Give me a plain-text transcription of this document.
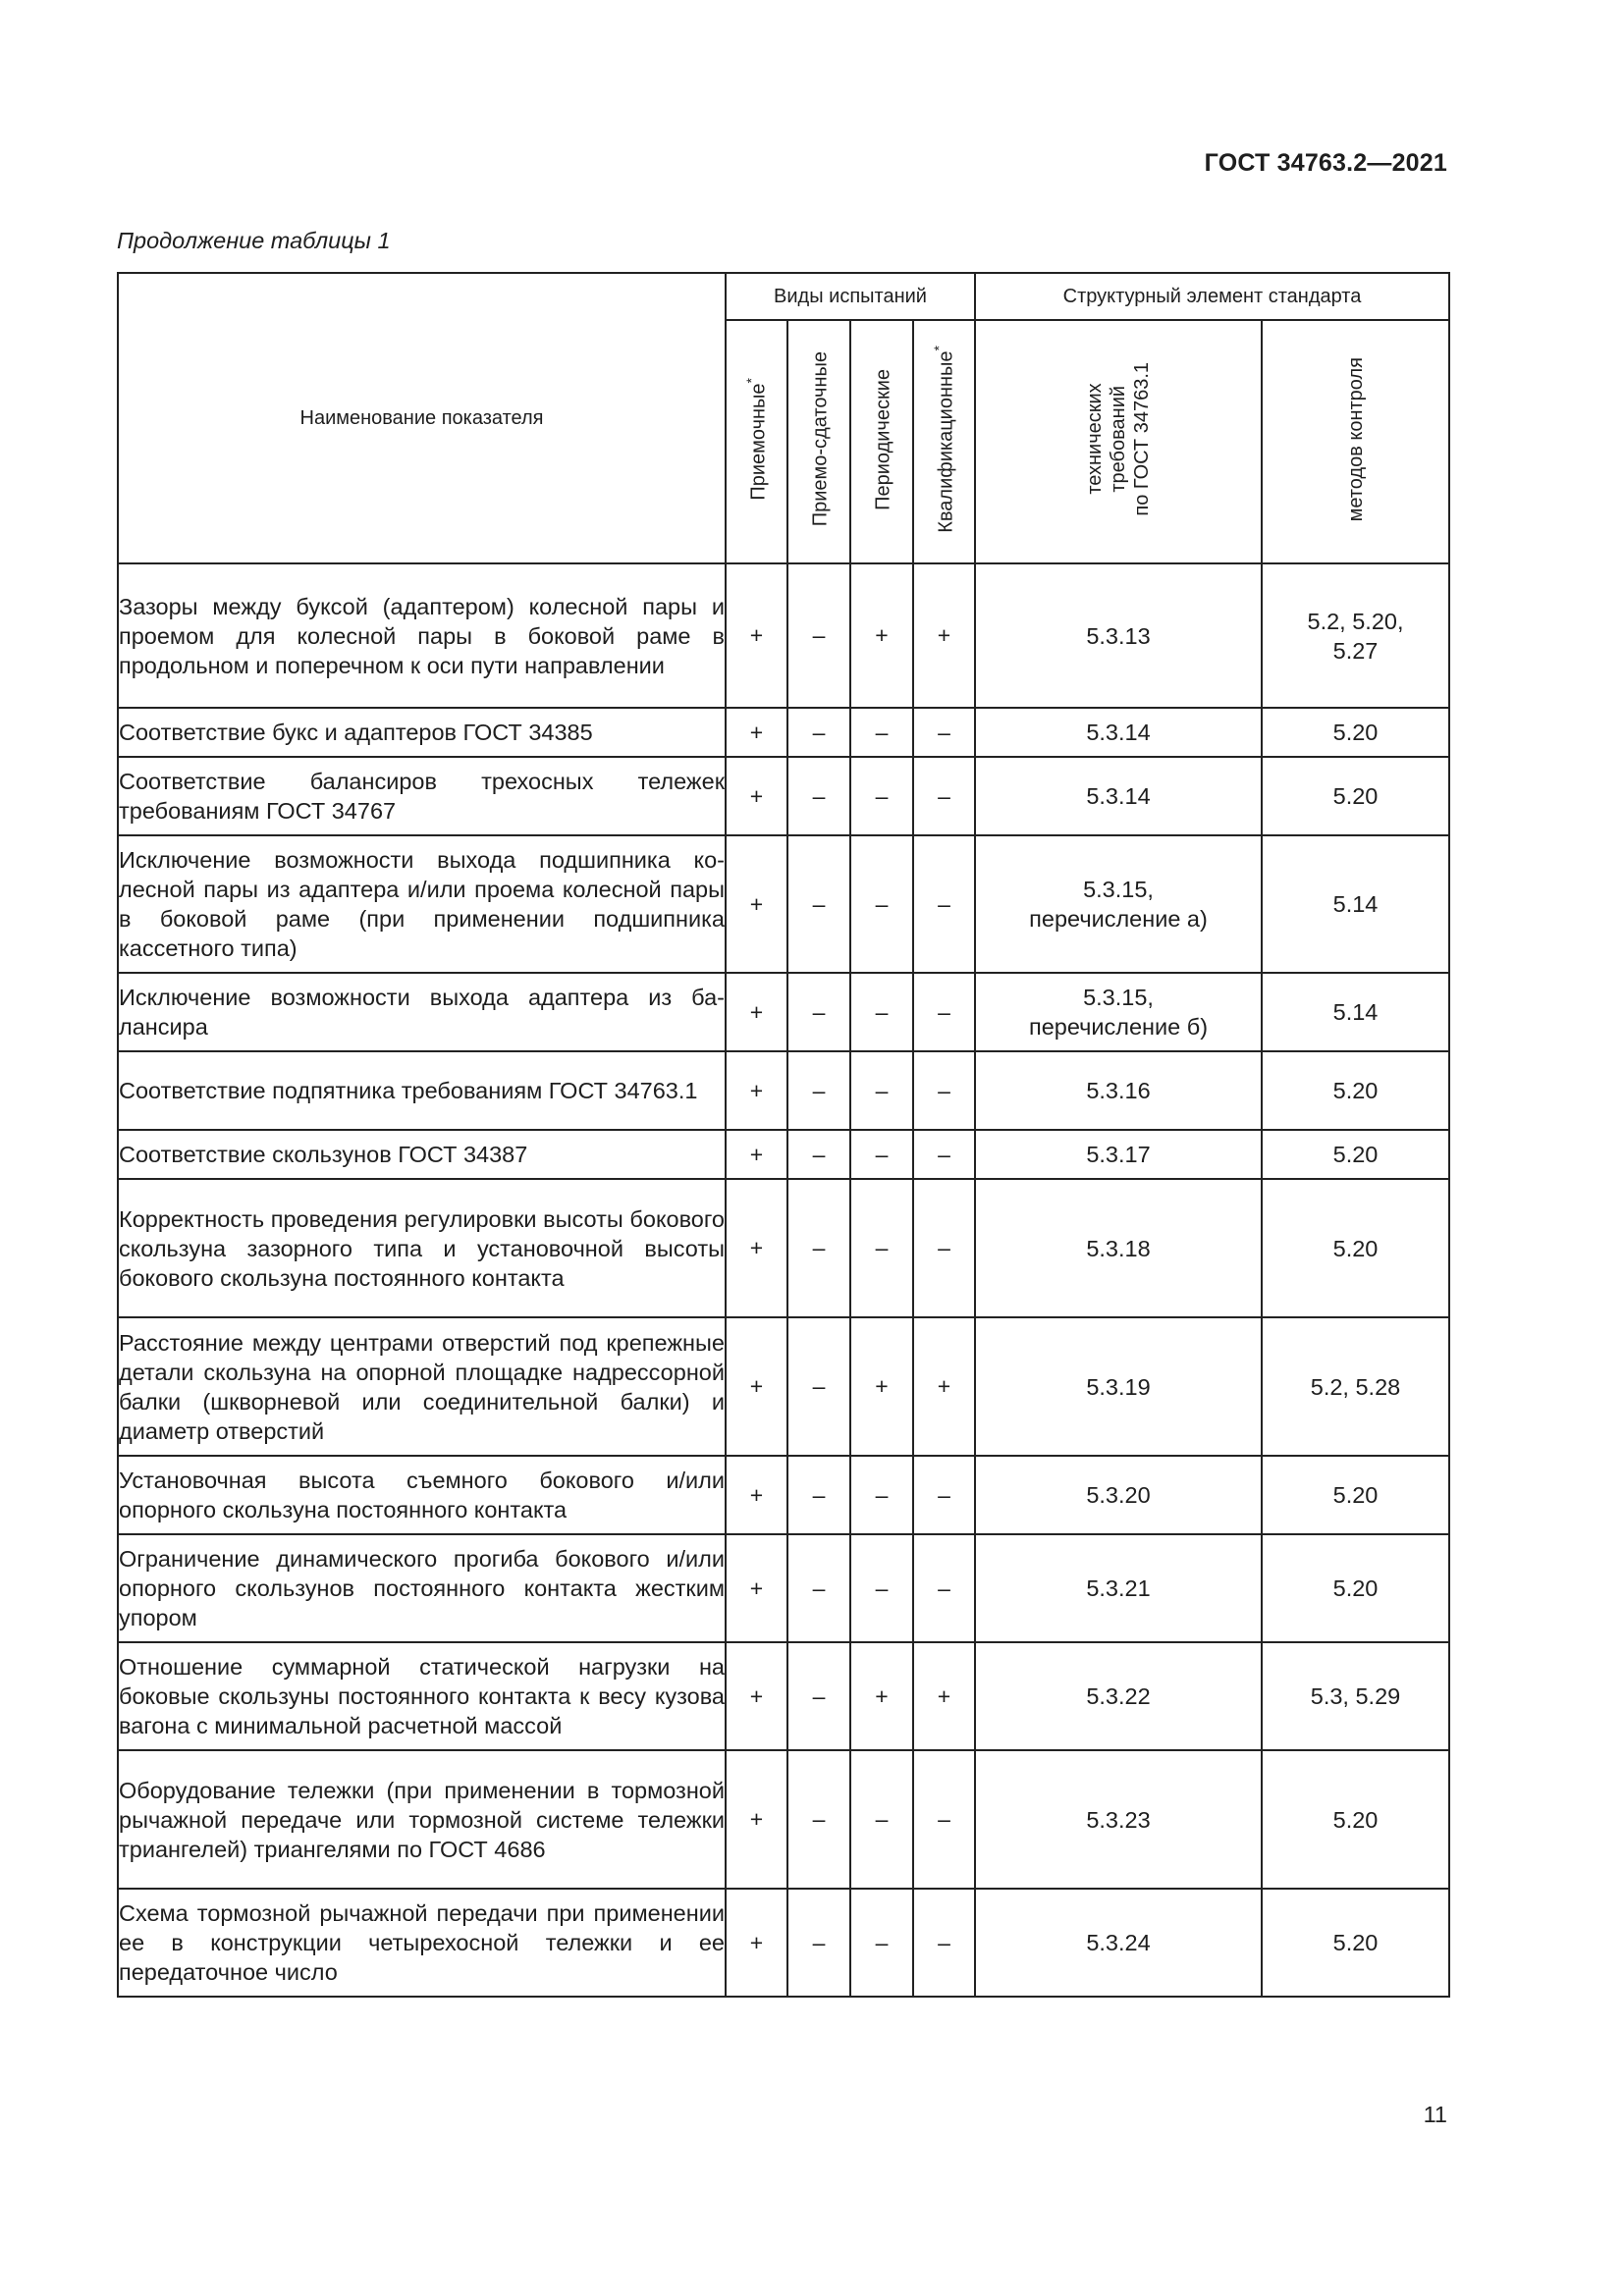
ГОСТ 34763.2—2021
Продолжение таблицы 1
Наименование показателя	Виды испытаний				Структурный элемент стандарта	
	Приемочные*	Приемо-сдаточные	Периодические	Квалификационные*	технических требований по ГОСТ 34763.1	методов контроля
Зазоры между буксой (адаптером) колесной пары и проемом для колесной пары в боковой раме в продольном и поперечном к оси пути направлении	+	–	+	+	5.3.13	5.2, 5.20, 5.27
Соответствие букс и адаптеров ГОСТ 34385	+	–	–	–	5.3.14	5.20
Соответствие балансиров трехосных тележек требованиям ГОСТ 34767	+	–	–	–	5.3.14	5.20
Исключение возможности выхода подшипника колесной пары из адаптера и/или проема колесной пары в боковой раме (при применении подшипника кассетного типа)	+	–	–	–	5.3.15, перечисление а)	5.14
Исключение возможности выхода адаптера из балансира	+	–	–	–	5.3.15, перечисление б)	5.14
Соответствие подпятника требованиям ГОСТ 34763.1	+	–	–	–	5.3.16	5.20
Соответствие скользунов ГОСТ 34387	+	–	–	–	5.3.17	5.20
Корректность проведения регулировки высоты бокового скользуна зазорного типа и установочной высоты бокового скользуна постоянного контакта	+	–	–	–	5.3.18	5.20
Расстояние между центрами отверстий под крепежные детали скользуна на опорной площадке надрессорной балки (шкворневой или соединительной балки) и диаметр отверстий	+	–	+	+	5.3.19	5.2, 5.28
Установочная высота съемного бокового и/или опорного скользуна постоянного контакта	+	–	–	–	5.3.20	5.20
Ограничение динамического прогиба бокового и/или опорного скользунов постоянного контакта жестким упором	+	–	–	–	5.3.21	5.20
Отношение суммарной статической нагрузки на боковые скользуны постоянного контакта к весу кузова вагона с минимальной расчетной массой	+	–	+	+	5.3.22	5.3, 5.29
Оборудование тележки (при применении в тормозной рычажной передаче или тормозной системе тележки триангелей) триангелями по ГОСТ 4686	+	–	–	–	5.3.23	5.20
Схема тормозной рычажной передачи при применении ее в конструкции четырехосной тележки и ее передаточное число	+	–	–	–	5.3.24	5.20
11
